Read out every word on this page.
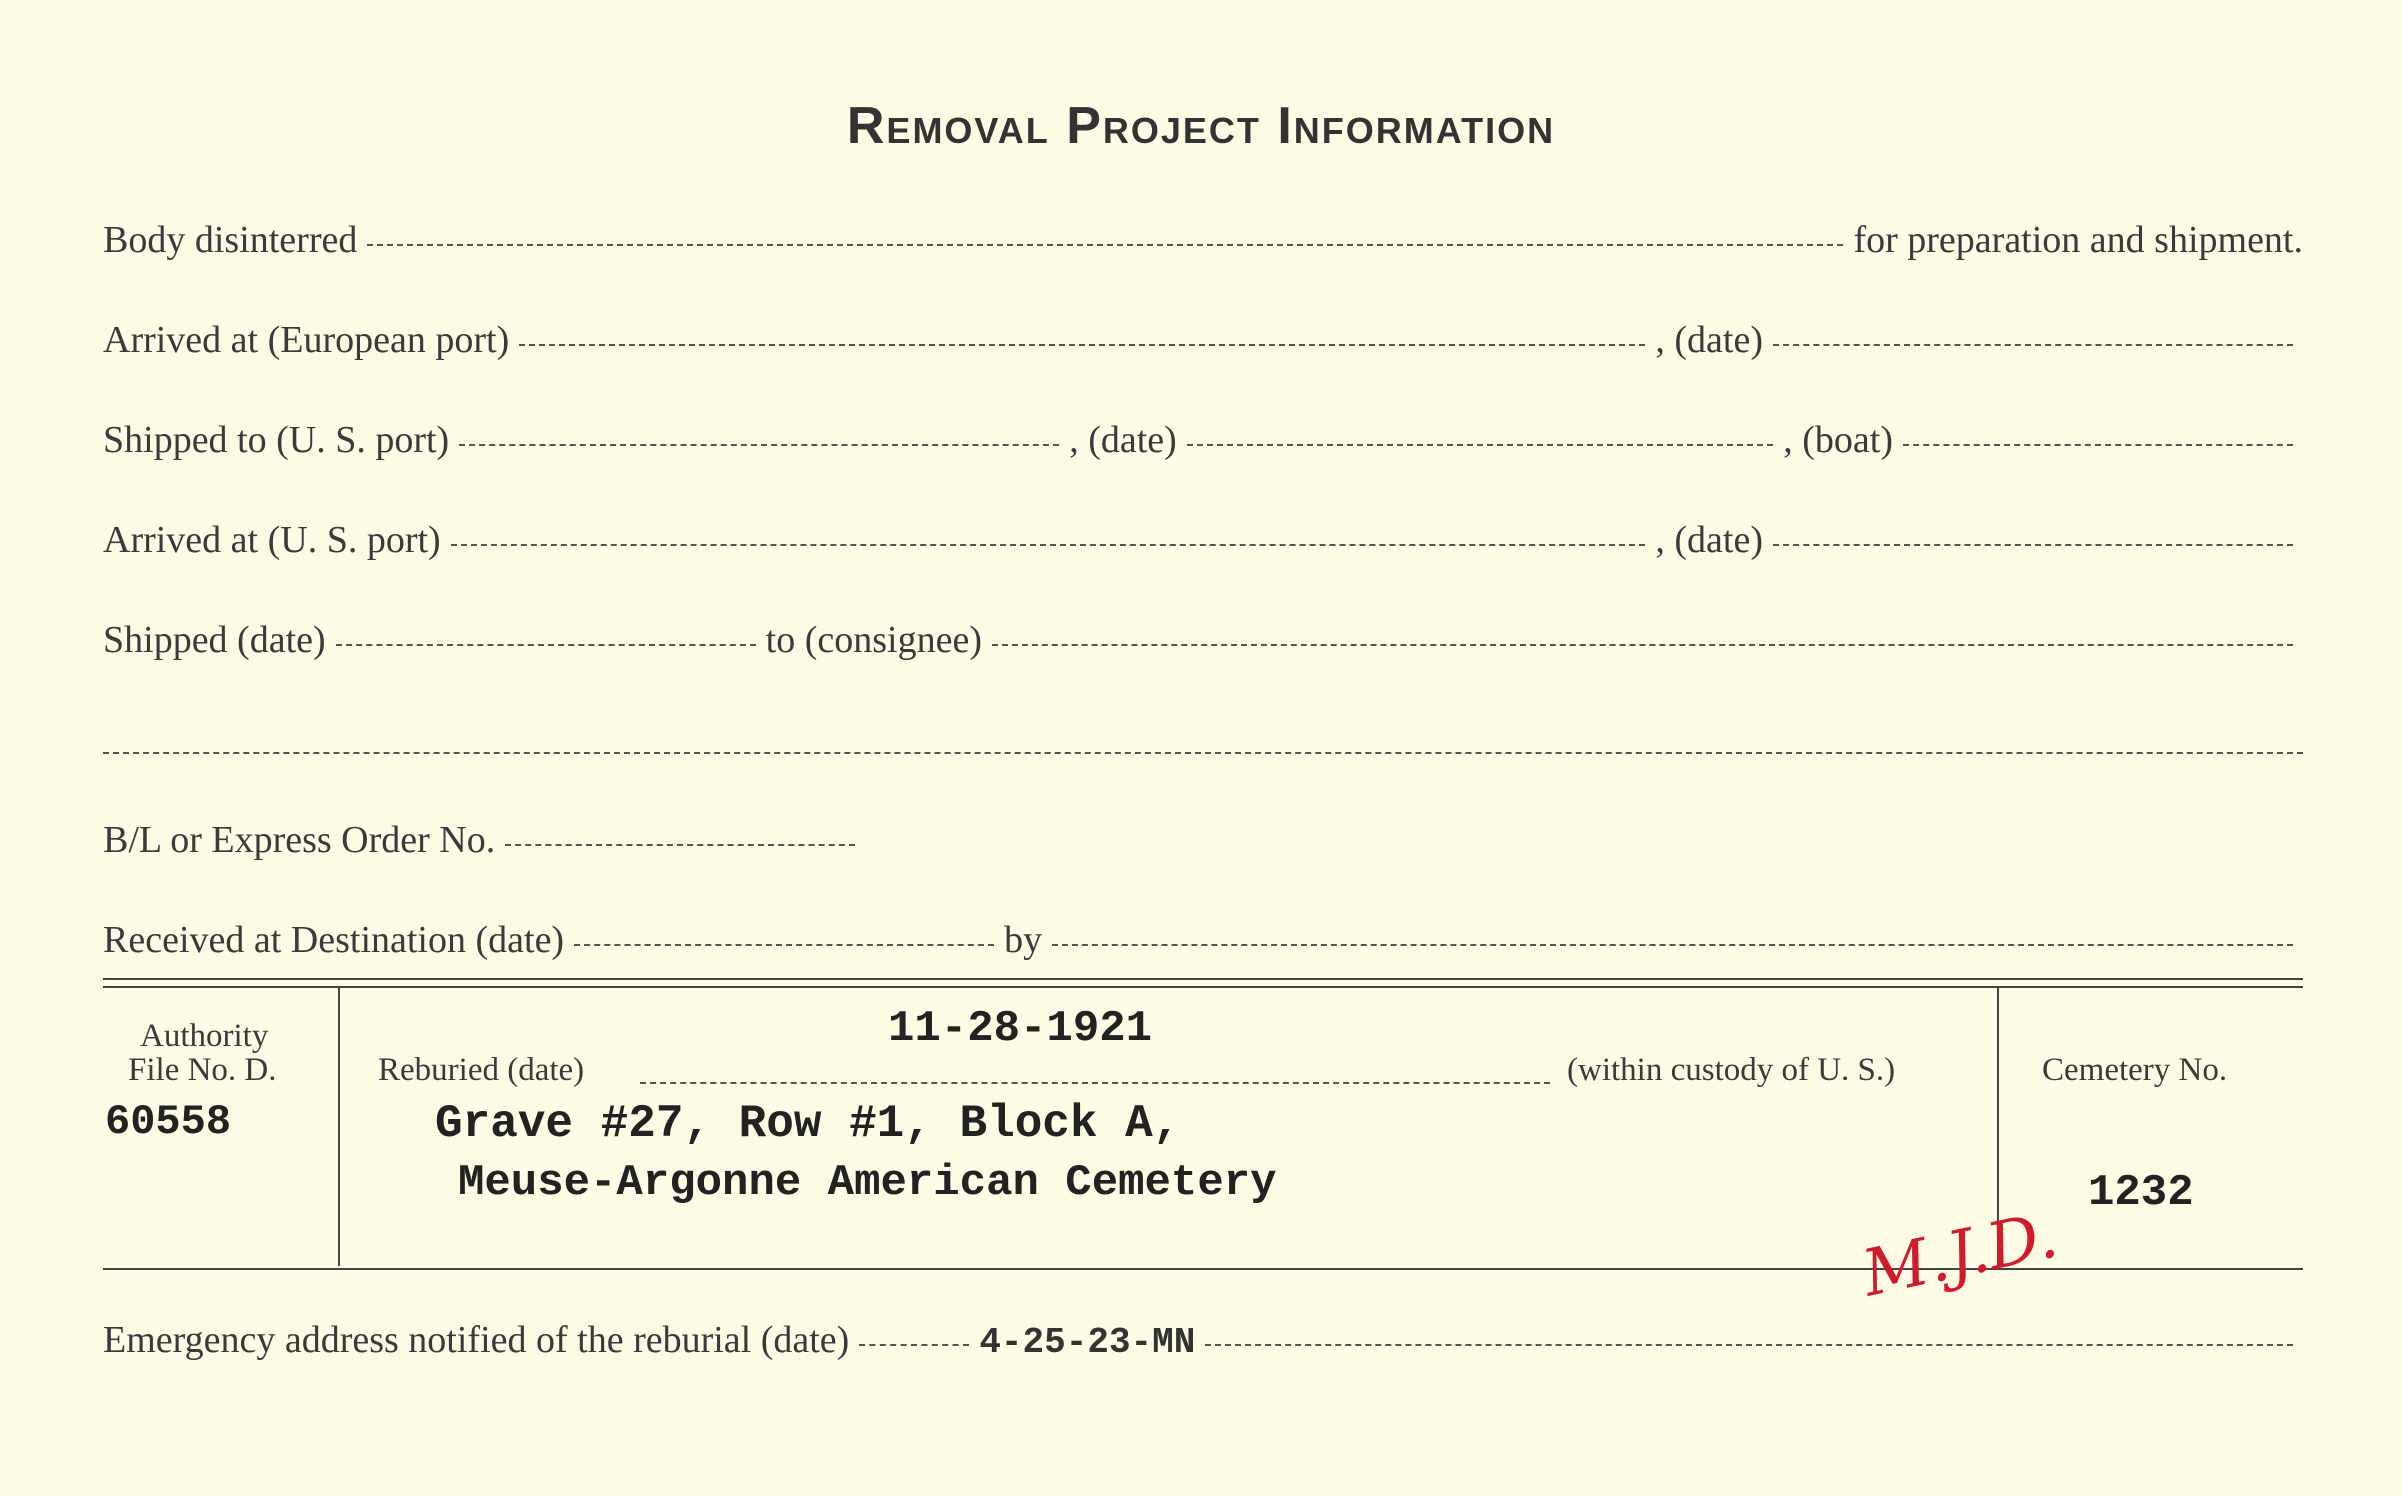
Removal Project Information
Body disinterred	for preparation and shipment.
Arrived at (European port)	, (date)
Shipped to (U. S. port)	, (date)	, (boat)
Arrived at (U. S. port)	, (date)
Shipped (date)	to (consignee)
B/L or Express Order No.
Received at Destination (date)	by
Authority
File No. D.
60558
11-28-1921
Reburied (date)	(within custody of U. S.)
Grave #27, Row #1, Block A,
Meuse-Argonne American Cemetery
Cemetery No.
1232
M.J.D.
Emergency address notified of the reburial (date)	4-25-23-MN
